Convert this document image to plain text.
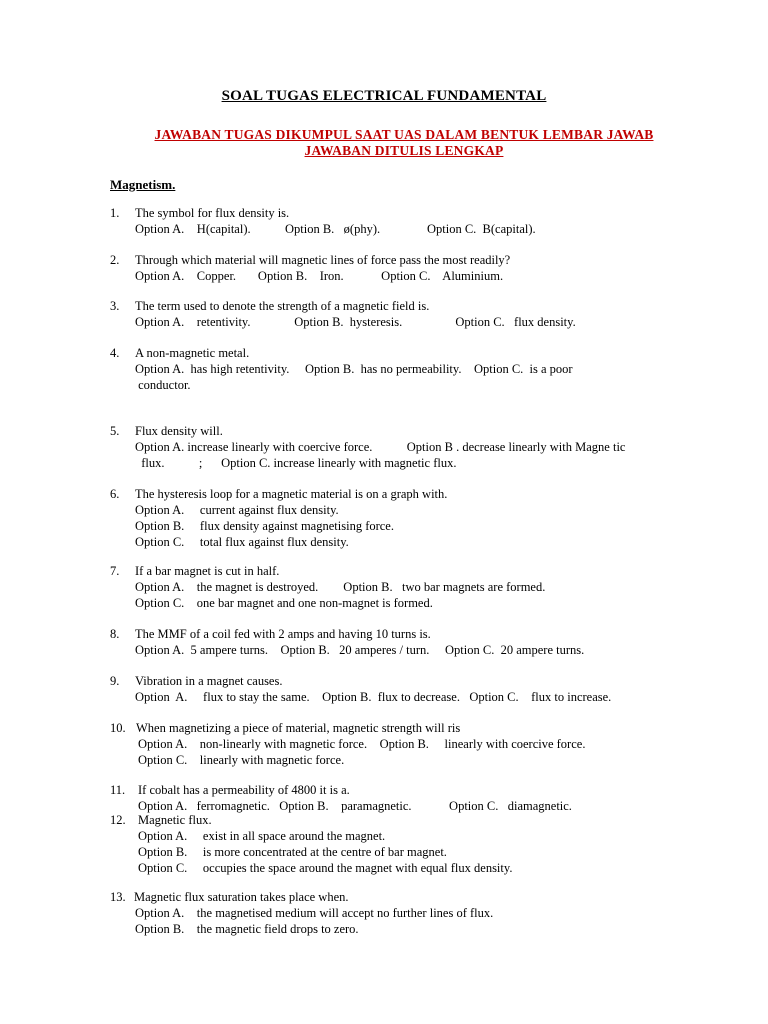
SOAL TUGAS ELECTRICAL FUNDAMENTAL
JAWABAN TUGAS DIKUMPUL SAAT UAS DALAM BENTUK LEMBAR JAWAB
JAWABAN DITULIS LENGKAP
Magnetism.
1. The symbol for flux density is.
Option A.    H(capital).           Option B.   ø(phy).               Option C.  B(capital).
2. Through which material will magnetic lines of force pass the most readily?
Option A.    Copper.       Option B.    Iron.            Option C.    Aluminium.
3. The term used to denote the strength of a magnetic field is.
Option A.    retentivity.              Option B.  hysteresis.                 Option C.   flux density.
4. A non-magnetic metal.
Option A.  has high retentivity.     Option B.  has no permeability.    Option C.  is a poor
conductor.
5. Flux density will.
Option A. increase linearly with coercive force.           Option B . decrease linearly with Magne tic
flux.           ;      Option C. increase linearly with magnetic flux.
6. The hysteresis loop for a magnetic material is on a graph with.
Option A.     current against flux density.
Option B.     flux density against magnetising force.
Option C.     total flux against flux density.
7. If a bar magnet is cut in half.
Option A.    the magnet is destroyed.        Option B.   two bar magnets are formed.
Option C.    one bar magnet and one non-magnet is formed.
8. The MMF of a coil fed with 2 amps and having 10 turns is.
Option A.  5 ampere turns.    Option B.   20 amperes / turn.     Option C.  20 ampere turns.
9. Vibration in a magnet causes.
Option  A.     flux to stay the same.    Option B.  flux to decrease.   Option C.    flux to increase.
10. When magnetizing a piece of material, magnetic strength will ris
Option A.    non-linearly with magnetic force.    Option B.     linearly with coercive force.
Option C.    linearly with magnetic force.
11. If cobalt has a permeability of 4800 it is a.
Option A.   ferromagnetic.   Option B.    paramagnetic.            Option C.   diamagnetic.
12. Magnetic flux.
Option A.     exist in all space around the magnet.
Option B.     is more concentrated at the centre of bar magnet.
Option C.     occupies the space around the magnet with equal flux density.
13. Magnetic flux saturation takes place when.
Option A.    the magnetised medium will accept no further lines of flux.
Option B.    the magnetic field drops to zero.
